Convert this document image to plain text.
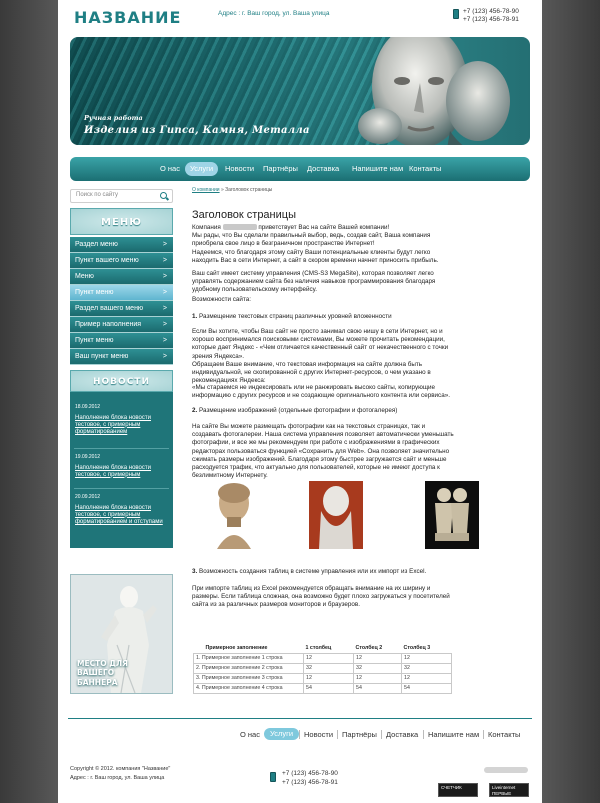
НАЗВАНИЕ	Адрес : г. Ваш город, ул. Ваша улица	+7 (123) 456-78-90
+7 (123) 456-78-91
Ручная работа
Изделия из Гипса, Камня, Металла
О нас	Услуги	Новости	Партнёры	Доставка	Напишите нам Контакты
Поиск по сайту
МЕНЮ
Раздел меню	>
Пункт вашего меню	>
Меню	>
Пункт меню	>
Раздел вашего меню	>
Пример наполнения	>
Пункт меню	>
Ваш пункт меню	>
НОВОСТИ
18.09.2012
Наполнение блока новости тестовое, с примерным форматированием
19.09.2012
Наполнение блока новости тестовое, с примерным
20.09.2012
Наполнение блока новости тестовое, с примерным форматированием и отступами
МЕСТО ДЛЯ ВАШЕГО БАННЕРА
О компании » Заголовок страницы
Заголовок страницы
Компания	приветствует Вас на сайте Вашей компании!
Мы рады, что Вы сделали правильный выбор, ведь, создав сайт, Ваша компания приобрела свое лицо в безграничном пространстве Интернет!
Надеемся, что благодаря этому сайту Ваши потенциальные клиенты будут легко находить Вас в сети Интернет, а сайт в скором времени начнет приносить прибыль.
Ваш сайт имеет систему управления (CMS-S3 MegaSite), которая позволяет легко управлять содержанием сайта без наличия навыков программирования благодаря удобному пользовательскому интерфейсу.
Возможности сайта:
1. Размещение текстовых страниц различных уровней вложенности
Если Вы хотите, чтобы Ваш сайт не просто занимал свою нишу в сети Интернет, но и хорошо воспринимался поисковыми системами, Вы можете прочитать рекомендации, которые дает Яндекс - «Чем отличается качественный сайт от некачественного с точки зрения Яндекса».
Обращаем Ваше внимание, что текстовая информация на сайте должна быть индивидуальной, не скопированной с других Интернет-ресурсов, о чем указано в рекомендациях Яндекса:
«Мы стараемся не индексировать или не ранжировать высоко сайты, копирующие информацию с других ресурсов и не создающие оригинального контента или сервиса».
2. Размещение изображений (отдельные фотографии и фотогалерея)
На сайте Вы можете размещать фотографии как на текстовых страницах, так и создавать фотогалереи. Наша система управления позволяет автоматически уменьшать фотографии, и все же мы рекомендуем при работе с изображениями в графических редакторах пользоваться функцией «Сохранить для Web». Она позволяет значительно сжимать размеры изображений. Благодаря этому быстрее загружается сайт и меньше расходуется трафик, что актуально для пользователей, которые не имеют доступа к безлимитному Интернету.
3. Возможность создания таблиц в системе управления или их импорт из Excel.
При импорте таблиц из Excel рекомендуется обращать внимание на их ширину и размеры. Если таблица сложная, она возможно будет плохо загружаться у посетителей сайта из за различных размеров мониторов и браузеров.
Примерное заполнение	1 столбец	Столбец 2	Столбец 3
1. Примерное заполнение 1 строка	12	12	12
2. Примерное заполнение 2 строка	32	32	32
3. Примерное заполнение 3 строка	12	12	12
4. Примерное заполнение 4 строка	54	54	54
О нас	Услуги	Новости Партнёры Доставка Напишите нам Контакты
Copyright © 2012. компания "Название"
Адрес : г. Ваш город, ул. Ваша улица
+7 (123) 456-78-90
+7 (123) 456-78-91
СЧЕТЧИК	Liveinternet
ПЕРВЫЕ ПОСЕТИТЕЛИ
